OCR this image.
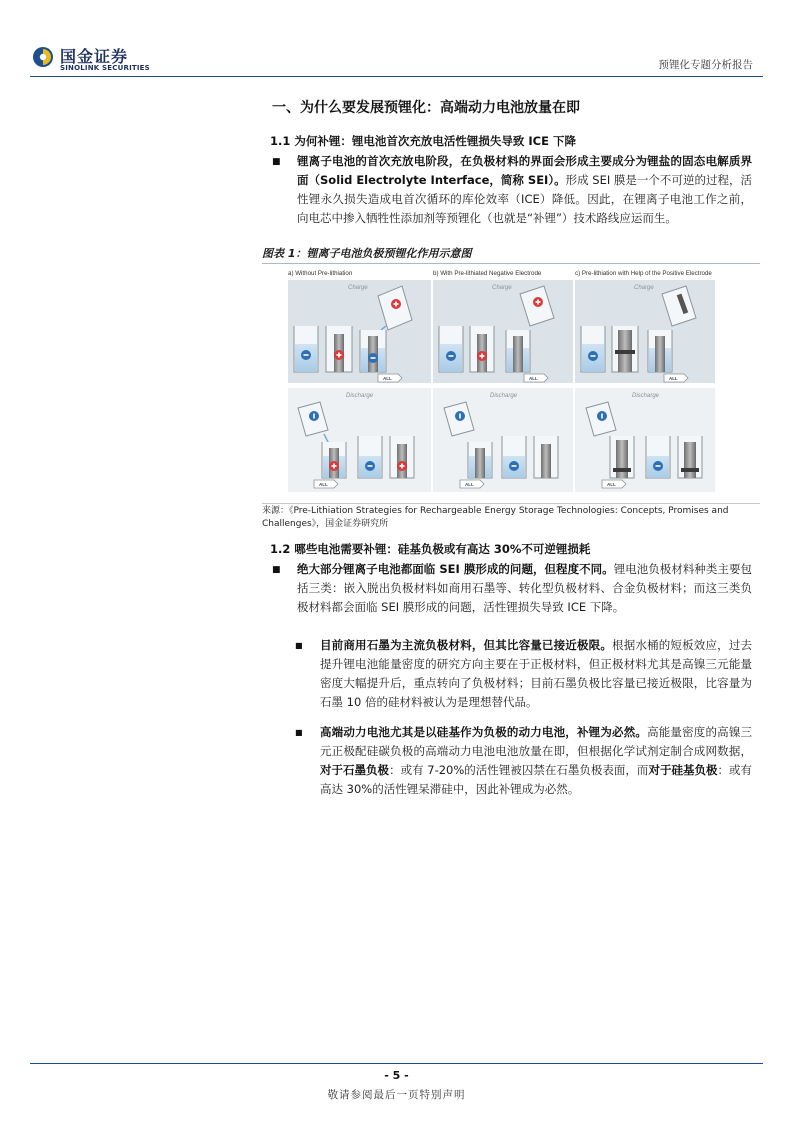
国金证券
SINOLINK SECURITIES	预锂化专题分析报告
一、为什么要发展预锂化：高端动力电池放量在即
1.1 为何补锂：锂电池首次充放电活性锂损失导致 ICE 下降
■ 锂离子电池的首次充放电阶段，在负极材料的界面会形成主要成分为锂盐的固态电解质界面（Solid Electrolyte Interface，简称 SEI）。形成 SEI 膜是一个不可逆的过程，活性锂永久损失造成电首次循环的库伦效率（ICE）降低。因此，在锂离子电池工作之前，向电芯中掺入牺牲性添加剂等预锂化（也就是“补锂”）技术路线应运而生。
图表 1：锂离子电池负极预锂化作用示意图
a) Without Pre-lithiation	b) With Pre-lithiated Negative Electrode	c) Pre-lithiation with Help of the Positive Electrode
Charge	Charge	Charge
Discharge	Discharge	Discharge
ALL	ALL	ALL
ALL	ALL	ALL
来源：《Pre-Lithiation Strategies for Rechargeable Energy Storage Technologies: Concepts, Promises and Challenges》，国金证券研究所
1.2 哪些电池需要补锂：硅基负极或有高达 30%不可逆锂损耗
■ 绝大部分锂离子电池都面临 SEI 膜形成的问题，但程度不同。锂电池负极材料种类主要包括三类：嵌入脱出负极材料如商用石墨等、转化型负极材料、合金负极材料；而这三类负极材料都会面临 SEI 膜形成的问题，活性锂损失导致 ICE 下降。
■ 目前商用石墨为主流负极材料，但其比容量已接近极限。根据水桶的短板效应，过去提升锂电池能量密度的研究方向主要在于正极材料，但正极材料尤其是高镍三元能量密度大幅提升后，重点转向了负极材料；目前石墨负极比容量已接近极限，比容量为石墨 10 倍的硅材料被认为是理想替代品。
■ 高端动力电池尤其是以硅基作为负极的动力电池，补锂为必然。高能量密度的高镍三元正极配硅碳负极的高端动力电池电池放量在即，但根据化学试剂定制合成网数据，对于石墨负极：或有 7-20%的活性锂被囚禁在石墨负极表面，而对于硅基负极：或有高达 30%的活性锂呆滞硅中，因此补锂成为必然。
- 5 -
敬请参阅最后一页特别声明
